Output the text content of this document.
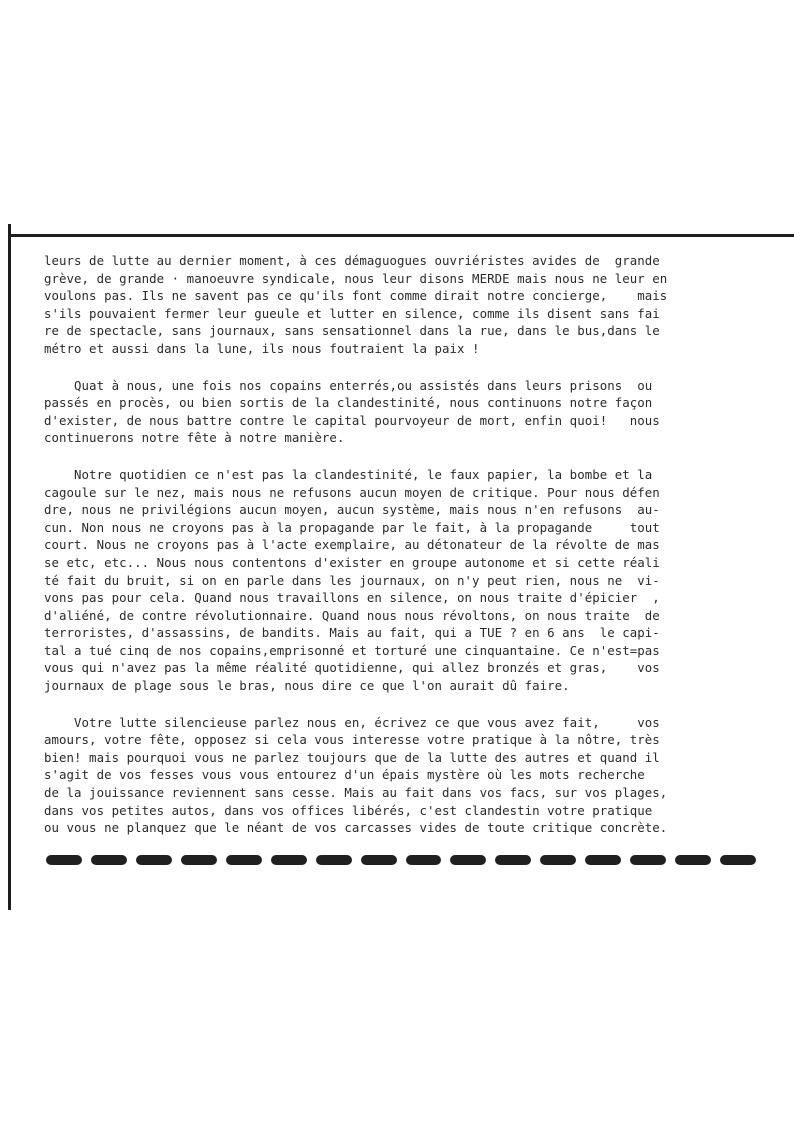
leurs de lutte au dernier moment, à ces démaguogues ouvriéristes avides de  grande
grève, de grande · manoeuvre syndicale, nous leur disons MERDE mais nous ne leur en
voulons pas. Ils ne savent pas ce qu'ils font comme dirait notre concierge,    mais
s'ils pouvaient fermer leur gueule et lutter en silence, comme ils disent sans fai
re de spectacle, sans journaux, sans sensationnel dans la rue, dans le bus,dans le
métro et aussi dans la lune, ils nous foutraient la paix !
Quat à nous, une fois nos copains enterrés,ou assistés dans leurs prisons  ou
passés en procès, ou bien sortis de la clandestinité, nous continuons notre façon
d'exister, de nous battre contre le capital pourvoyeur de mort, enfin quoi!   nous
continuerons notre fête à notre manière.
Notre quotidien ce n'est pas la clandestinité, le faux papier, la bombe et la
cagoule sur le nez, mais nous ne refusons aucun moyen de critique. Pour nous défen
dre, nous ne privilégions aucun moyen, aucun système, mais nous n'en refusons  au-
cun. Non nous ne croyons pas à la propagande par le fait, à la propagande     tout
court. Nous ne croyons pas à l'acte exemplaire, au détonateur de la révolte de mas
se etc, etc... Nous nous contentons d'exister en groupe autonome et si cette réali
té fait du bruit, si on en parle dans les journaux, on n'y peut rien, nous ne  vi-
vons pas pour cela. Quand nous travaillons en silence, on nous traite d'épicier  ,
d'aliéné, de contre révolutionnaire. Quand nous nous révoltons, on nous traite  de
terroristes, d'assassins, de bandits. Mais au fait, qui a TUE ? en 6 ans  le capi-
tal a tué cinq de nos copains,emprisonné et torturé une cinquantaine. Ce n'est=pas
vous qui n'avez pas la même réalité quotidienne, qui allez bronzés et gras,    vos
journaux de plage sous le bras, nous dire ce que l'on aurait dû faire.
Votre lutte silencieuse parlez nous en, écrivez ce que vous avez fait,     vos
amours, votre fête, opposez si cela vous interesse votre pratique à la nôtre, très
bien! mais pourquoi vous ne parlez toujours que de la lutte des autres et quand il
s'agit de vos fesses vous vous entourez d'un épais mystère où les mots recherche
de la jouissance reviennent sans cesse. Mais au fait dans vos facs, sur vos plages,
dans vos petites autos, dans vos offices libérés, c'est clandestin votre pratique
ou vous ne planquez que le néant de vos carcasses vides de toute critique concrète.
